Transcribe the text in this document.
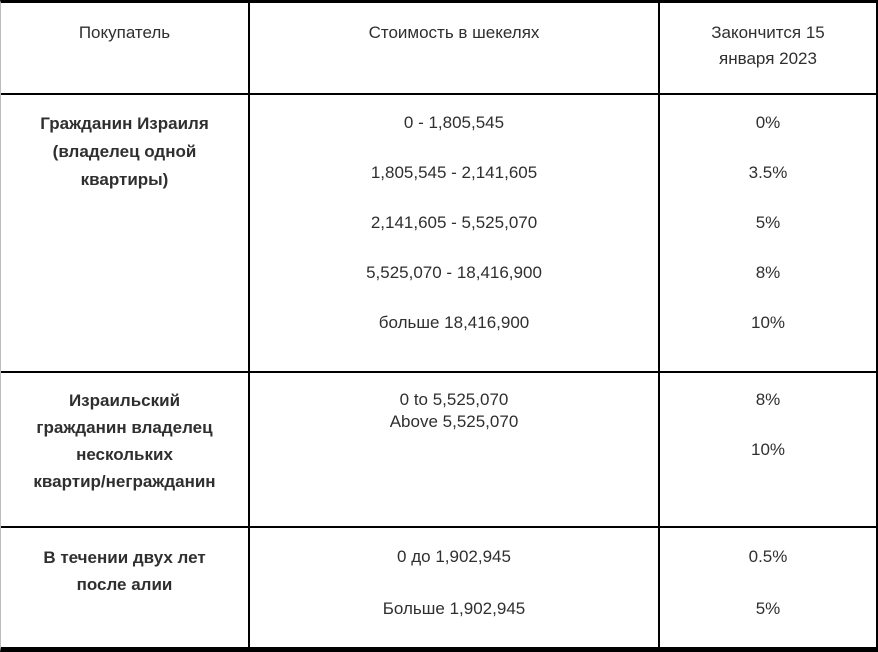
Покупатель	Стоимость в шекелях	Закончится 15 января 2023
Гражданин Израиля
(владелец одной
квартиры)
0 - 1,805,545
1,805,545 - 2,141,605
2,141,605 - 5,525,070
5,525,070 - 18,416,900
больше 18,416,900
0%
3.5%
5%
8%
10%
Израильский
гражданин владелец
нескольких
квартир/негражданин
0 to 5,525,070
Above 5,525,070
8%
10%
В течении двух лет
после алии
0 до 1,902,945
Больше 1,902,945
0.5%
5%
